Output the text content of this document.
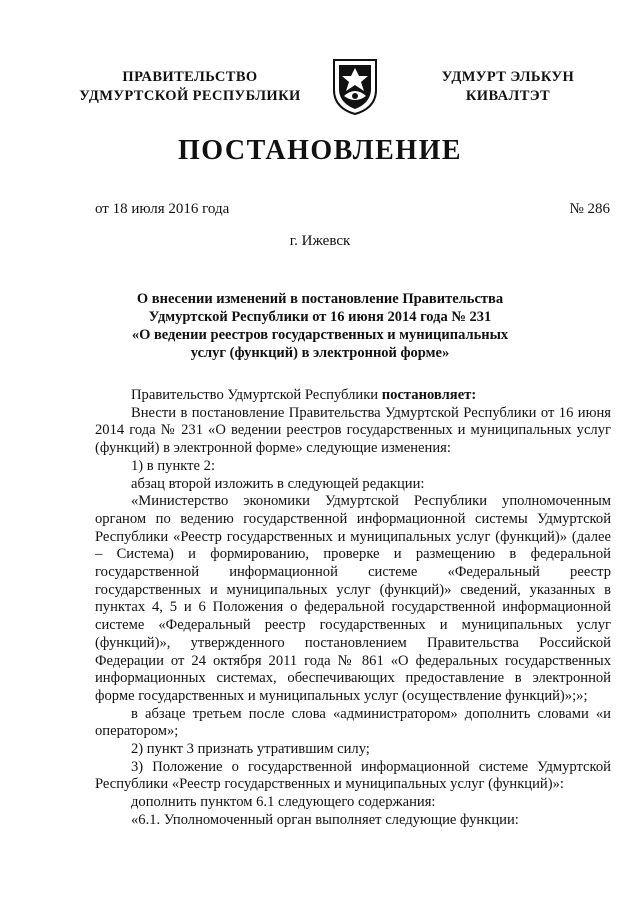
ПРАВИТЕЛЬСТВО
УДМУРТСКОЙ РЕСПУБЛИКИ
УДМУРТ ЭЛЬКУН
КИВАЛТЭТ
ПОСТАНОВЛЕНИЕ
от 18 июля 2016 года	№ 286
г. Ижевск
О внесении изменений в постановление Правительства
Удмуртской Республики от 16 июня 2014 года № 231
«О ведении реестров государственных и муниципальных
услуг (функций) в электронной форме»

Правительство Удмуртской Республики постановляет:

Внести в постановление Правительства Удмуртской Республики от 16 июня 2014 года № 231 «О ведении реестров государственных и муниципальных услуг (функций) в электронной форме» следующие изменения:

1) в пункте 2:

абзац второй изложить в следующей редакции:

«Министерство экономики Удмуртской Республики уполномоченным органом по ведению государственной информационной системы Удмуртской Республики «Реестр государственных и муниципальных услуг (функций)» (далее – Система) и формированию, проверке и размещению в федеральной государственной информационной системе «Федеральный реестр государственных и муниципальных услуг (функций)» сведений, указанных в пунктах 4, 5 и 6 Положения о федеральной государственной информационной системе «Федеральный реестр государственных и муниципальных услуг (функций)», утвержденного постановлением Правительства Российской Федерации от 24 октября 2011 года № 861 «О федеральных государственных информационных системах, обеспечивающих предоставление в электронной форме государственных и муниципальных услуг (осуществление функций)»;»;

в абзаце третьем после слова «администратором» дополнить словами «и оператором»;

2) пункт 3 признать утратившим силу;

3) Положение о государственной информационной системе Удмуртской Республики «Реестр государственных и муниципальных услуг (функций)»:

дополнить пунктом 6.1 следующего содержания:

«6.1. Уполномоченный орган выполняет следующие функции:
